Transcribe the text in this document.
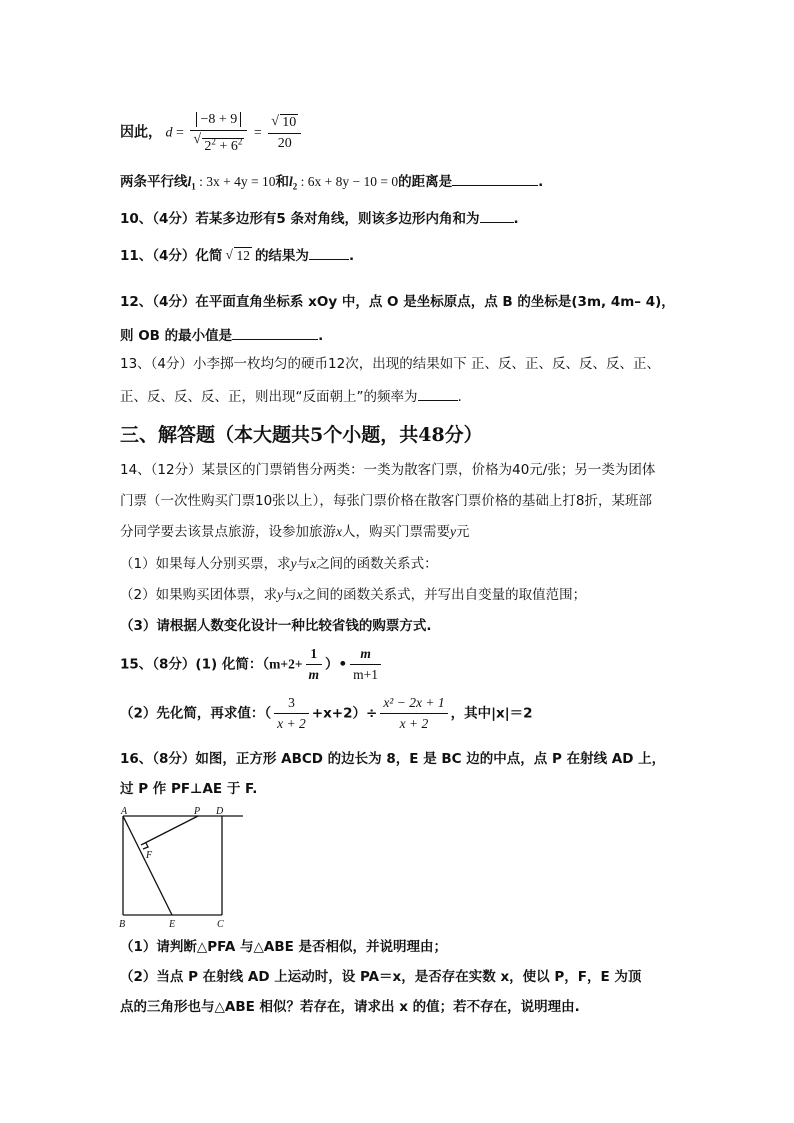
因此， d = −8 + 9
√ $2^2 + 6^2$ = √ $\frac{10}{20}$
两条平行线$l_1$ : 3x + 4y = 10和$l_2$ : 6x + 8y − 10 = 0的距离是	.
10、（4分）若某多边形有5 条对角线，则该多边形内角和为	.
11、（4分）化简 √ 12 的结果为	.
12、（4分）在平面直角坐标系 xOy 中，点 O 是坐标原点，点 B 的坐标是(3m, 4m– 4)，
则 OB 的最小值是	.
13、（4分）小李掷一枚均匀的硬币12次，出现的结果如下 正、反、正、反、反、反、正、
正、反、反、反、正，则出现“反面朝上”的频率为	.
三、解答题（本大题共5个小题，共48分）
14、（12分）某景区的门票销售分两类：一类为散客门票，价格为40元/张；另一类为团体
门票（一次性购买门票10张以上），每张门票价格在散客门票价格的基础上打8折，某班部
分同学要去该景点旅游，设参加旅游x人，购买门票需要y元
（1）如果每人分别买票，求y与x之间的函数关系式：
（2）如果购买团体票，求y与x之间的函数关系式，并写出自变量的取值范围；
（3）请根据人数变化设计一种比较省钱的购票方式.
15、（8分）(1) 化简：（$m+2+ \frac{1}{m}$ ）• $\frac{m}{m+1}$
（2）先化简，再求值：（ $\frac{3}{x + 2} +x+2)\div \frac{\text{x² − 2x + 1}}{x + 2}$ ，其中|x|＝2
16、（8分）如图，正方形 ABCD 的边长为 8，E 是 BC 边的中点，点 P 在射线 AD 上，
过 P 作 PF⊥AE 于 F.
A	P D
F
B	E	C
（1）请判断△PFA 与△ABE 是否相似，并说明理由；
（2）当点 P 在射线 AD 上运动时，设 PA＝x，是否存在实数 x，使以 P，F，E 为顶
点的三角形也与△ABE 相似？若存在，请求出 x 的值；若不存在，说明理由.
